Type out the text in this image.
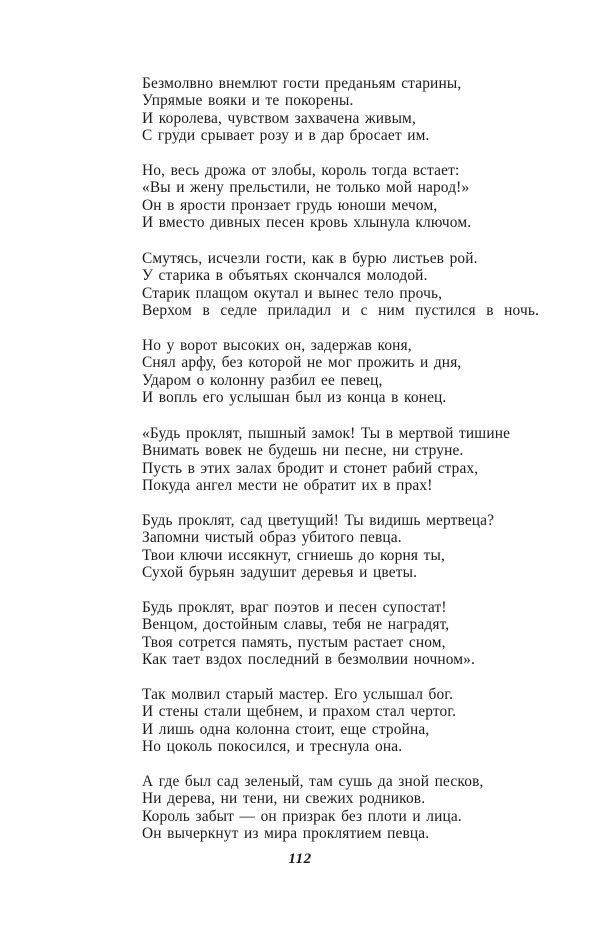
Безмолвно внемлют гости преданьям старины,
Упрямые вояки и те покорены.
И королева, чувством захвачена живым,
С груди срывает розу и в дар бросает им.
Но, весь дрожа от злобы, король тогда встает:
«Вы и жену прельстили, не только мой народ!»
Он в ярости пронзает грудь юноши мечом,
И вместо дивных песен кровь хлынула ключом.
Смутясь, исчезли гости, как в бурю листьев рой.
У старика в объятьях скончался молодой.
Старик плащом окутал и вынес тело прочь,
Верхом в седле приладил и с ним пустился в ночь.
Но у ворот высоких он, задержав коня,
Снял арфу, без которой не мог прожить и дня,
Ударом о колонну разбил ее певец,
И вопль его услышан был из конца в конец.
«Будь проклят, пышный замок! Ты в мертвой тишине
Внимать вовек не будешь ни песне, ни струне.
Пусть в этих залах бродит и стонет рабий страх,
Покуда ангел мести не обратит их в прах!
Будь проклят, сад цветущий! Ты видишь мертвеца?
Запомни чистый образ убитого певца.
Твои ключи иссякнут, сгниешь до корня ты,
Сухой бурьян задушит деревья и цветы.
Будь проклят, враг поэтов и песен супостат!
Венцом, достойным славы, тебя не наградят,
Твоя сотрется память, пустым растает сном,
Как тает вздох последний в безмолвии ночном».
Так молвил старый мастер. Его услышал бог.
И стены стали щебнем, и прахом стал чертог.
И лишь одна колонна стоит, еще стройна,
Но цоколь покосился, и треснула она.
А где был сад зеленый, там сушь да зной песков,
Ни дерева, ни тени, ни свежих родников.
Король забыт — он призрак без плоти и лица.
Он вычеркнут из мира проклятием певца.
112
